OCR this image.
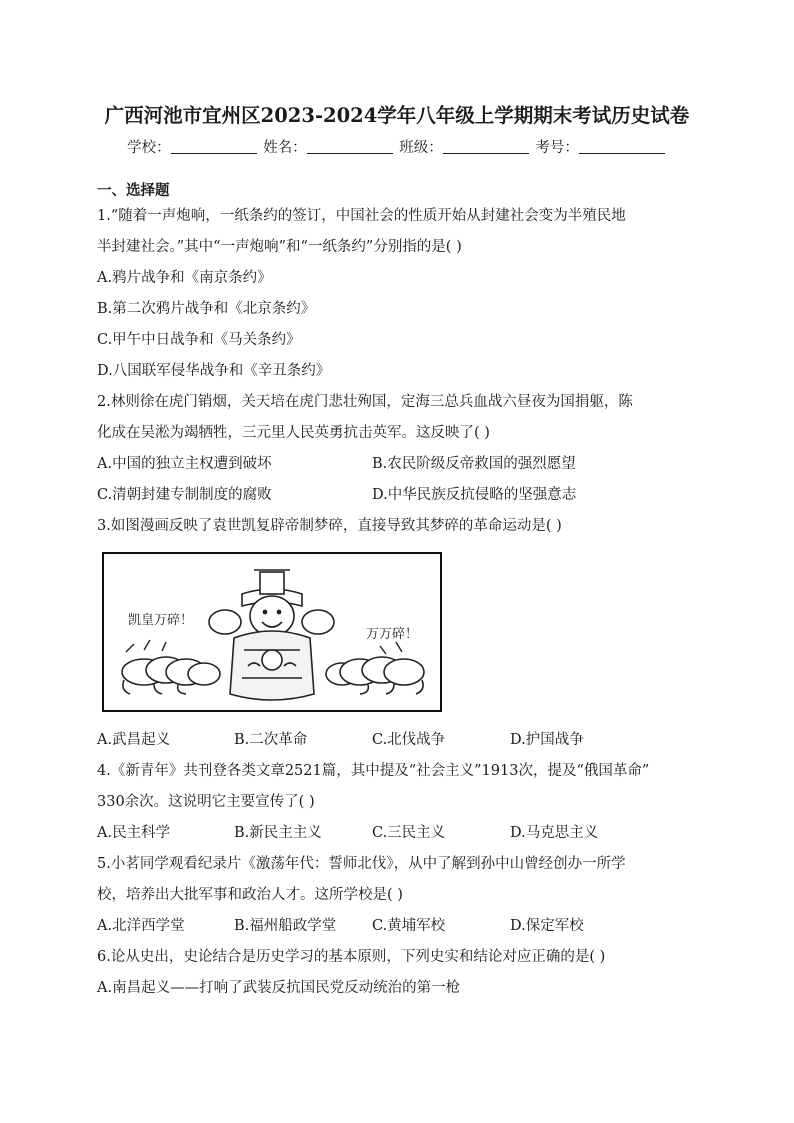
广西河池市宜州区2023-2024学年八年级上学期期末考试历史试卷
学校：	姓名：	班级：	考号：
一、选择题
1.“随着一声炮响，一纸条约的签订，中国社会的性质开始从封建社会变为半殖民地
半封建社会。”其中“一声炮响”和“一纸条约”分别指的是( )
A.鸦片战争和《南京条约》
B.第二次鸦片战争和《北京条约》
C.甲午中日战争和《马关条约》
D.八国联军侵华战争和《辛丑条约》
2.林则徐在虎门销烟，关天培在虎门悲壮殉国，定海三总兵血战六昼夜为国捐躯，陈
化成在吴淞为竭牺牲，三元里人民英勇抗击英军。这反映了( )
A.中国的独立主权遭到破坏	B.农民阶级反帝救国的强烈愿望
C.清朝封建专制制度的腐败	D.中华民族反抗侵略的坚强意志
3.如图漫画反映了袁世凯复辟帝制梦碎，直接导致其梦碎的革命运动是( )
凯皇万碎！
万万碎！
A.武昌起义	B.二次革命	C.北伐战争	D.护国战争
4.《新青年》共刊登各类文章2521篇，其中提及“社会主义”1913次，提及“俄国革命”
330余次。这说明它主要宣传了( )
A.民主科学	B.新民主主义	C.三民主义	D.马克思主义
5.小茗同学观看纪录片《激荡年代：誓师北伐》，从中了解到孙中山曾经创办一所学
校，培养出大批军事和政治人才。这所学校是( )
A.北洋西学堂	B.福州船政学堂 C.黄埔军校	D.保定军校
6.论从史出，史论结合是历史学习的基本原则，下列史实和结论对应正确的是( )
A.南昌起义——打响了武装反抗国民党反动统治的第一枪
